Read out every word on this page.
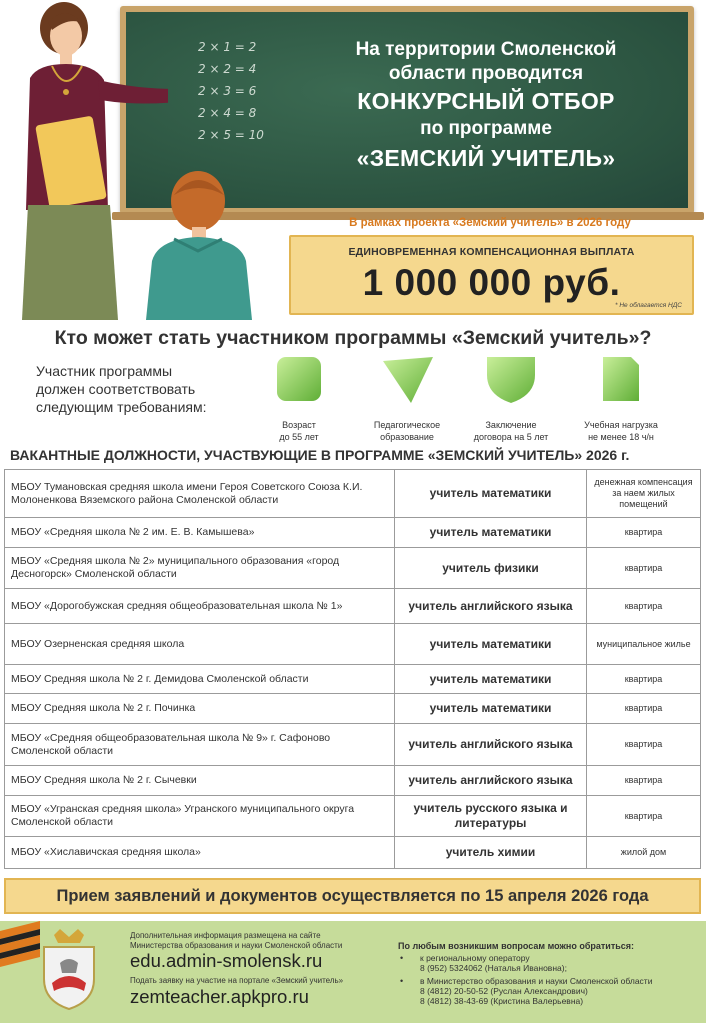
2 × 1 = 2
2 × 2 = 4
2 × 3 = 6
2 × 4 = 8
2 × 5 = 10
На территории Смоленской
области проводится
КОНКУРСНЫЙ ОТБОР
по программе
«ЗЕМСКИЙ УЧИТЕЛЬ»
В рамках проекта «Земский учитель» в 2026 году
ЕДИНОВРЕМЕННАЯ КОМПЕНСАЦИОННАЯ ВЫПЛАТА
1 000 000 руб.
* Не облагается НДС
Кто может стать участником программы «Земский учитель»?
Участник программы
должен соответствовать
следующим требованиям:
Возраст
до 55 лет
Педагогическое
образование
Заключение
договора на 5 лет
Учебная нагрузка
не менее 18 ч/н
ВАКАНТНЫЕ ДОЛЖНОСТИ, УЧАСТВУЮЩИЕ В ПРОГРАММЕ «ЗЕМСКИЙ УЧИТЕЛЬ» 2026 г.
МБОУ Тумановская средняя школа имени Героя Советского Союза К.И. Молоненкова Вяземского района Смоленской области	учитель математики	денежная компенсация за наем жилых помещений
МБОУ «Средняя школа № 2 им. Е. В. Камышева»	учитель математики	квартира
МБОУ «Средняя школа № 2» муниципального образования «город Десногорск» Смоленской области	учитель физики	квартира
МБОУ «Дорогобужская средняя общеобразовательная школа № 1»	учитель английского языка	квартира
МБОУ Озерненская средняя школа	учитель математики	муниципальное жилье
МБОУ Средняя школа № 2 г. Демидова Смоленской области	учитель математики	квартира
МБОУ Средняя школа № 2 г. Починка	учитель математики	квартира
МБОУ «Средняя общеобразовательная школа № 9» г. Сафоново Смоленской области	учитель английского языка	квартира
МБОУ Средняя школа № 2 г. Сычевки	учитель английского языка	квартира
МБОУ «Угранская средняя школа» Угранского муниципального округа Смоленской области	учитель русского языка и литературы	квартира
МБОУ «Хиславичская средняя школа»	учитель химии	жилой дом
Прием заявлений и документов осуществляется по 15 апреля 2026 года
Дополнительная информация размещена на сайте
Министерства образования и науки Смоленской области
edu.admin-smolensk.ru
Подать заявку на участие на портале «Земский учитель»
zemteacher.apkpro.ru
По любым возникшим вопросам можно обратиться:
• к региональному оператору
8 (952) 5324062 (Наталья Ивановна);
• в Министерство образования и науки Смоленской области
8 (4812) 20-50-52 (Руслан Александрович)
8 (4812) 38-43-69 (Кристина Валерьевна)
